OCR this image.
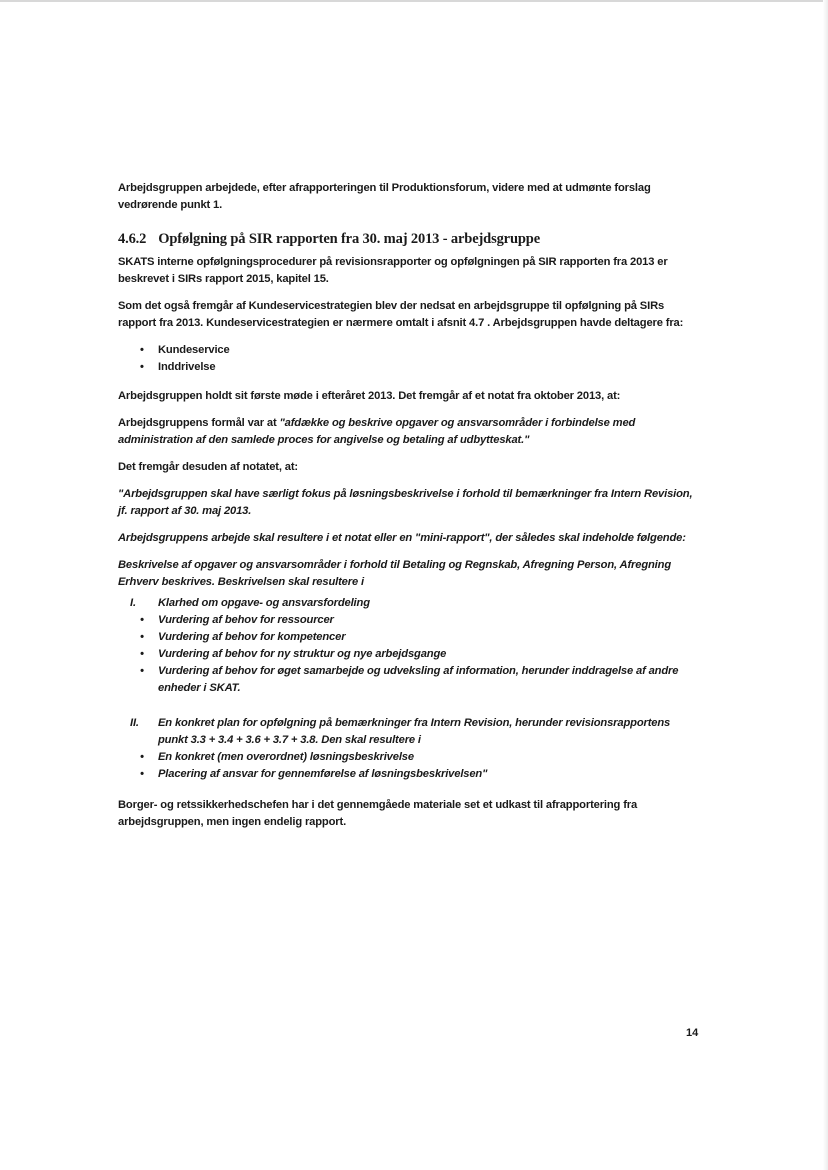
Arbejdsgruppen arbejdede, efter afrapporteringen til Produktionsforum, videre med at udmønte forslag vedrørende punkt 1.

4.6.2 Opfølgning på SIR rapporten fra 30. maj 2013 - arbejdsgruppe

SKATS interne opfølgningsprocedurer på revisionsrapporter og opfølgningen på SIR rapporten fra 2013 er beskrevet i SIRs rapport 2015, kapitel 15.

Som det også fremgår af Kundeservicestrategien blev der nedsat en arbejdsgruppe til opfølgning på SIRs rapport fra 2013. Kundeservicestrategien er nærmere omtalt i afsnit 4.7 . Arbejdsgruppen havde deltagere fra:

• Kundeservice
• Inddrivelse

Arbejdsgruppen holdt sit første møde i efteråret 2013. Det fremgår af et notat fra oktober 2013, at:

Arbejdsgruppens formål var at "afdække og beskrive opgaver og ansvarsområder i forbindelse med administration af den samlede proces for angivelse og betaling af udbytteskat."

Det fremgår desuden af notatet, at:

"Arbejdsgruppen skal have særligt fokus på løsningsbeskrivelse i forhold til bemærkninger fra Intern Revision, jf. rapport af 30. maj 2013.

Arbejdsgruppens arbejde skal resultere i et notat eller en "mini-rapport", der således skal indeholde følgende:

Beskrivelse af opgaver og ansvarsområder i forhold til Betaling og Regnskab, Afregning Person, Afregning Erhverv beskrives. Beskrivelsen skal resultere i

I. Klarhed om opgave- og ansvarsfordeling
• Vurdering af behov for ressourcer
• Vurdering af behov for kompetencer
• Vurdering af behov for ny struktur og nye arbejdsgange
• Vurdering af behov for øget samarbejde og udveksling af information, herunder inddragelse af andre enheder i SKAT.
II. En konkret plan for opfølgning på bemærkninger fra Intern Revision, herunder revisionsrapportens punkt 3.3 + 3.4 + 3.6 + 3.7 + 3.8. Den skal resultere i
• En konkret (men overordnet) løsningsbeskrivelse
• Placering af ansvar for gennemførelse af løsningsbeskrivelsen"

Borger- og retssikkerhedschefen har i det gennemgåede materiale set et udkast til afrapportering fra arbejdsgruppen, men ingen endelig rapport.

14
